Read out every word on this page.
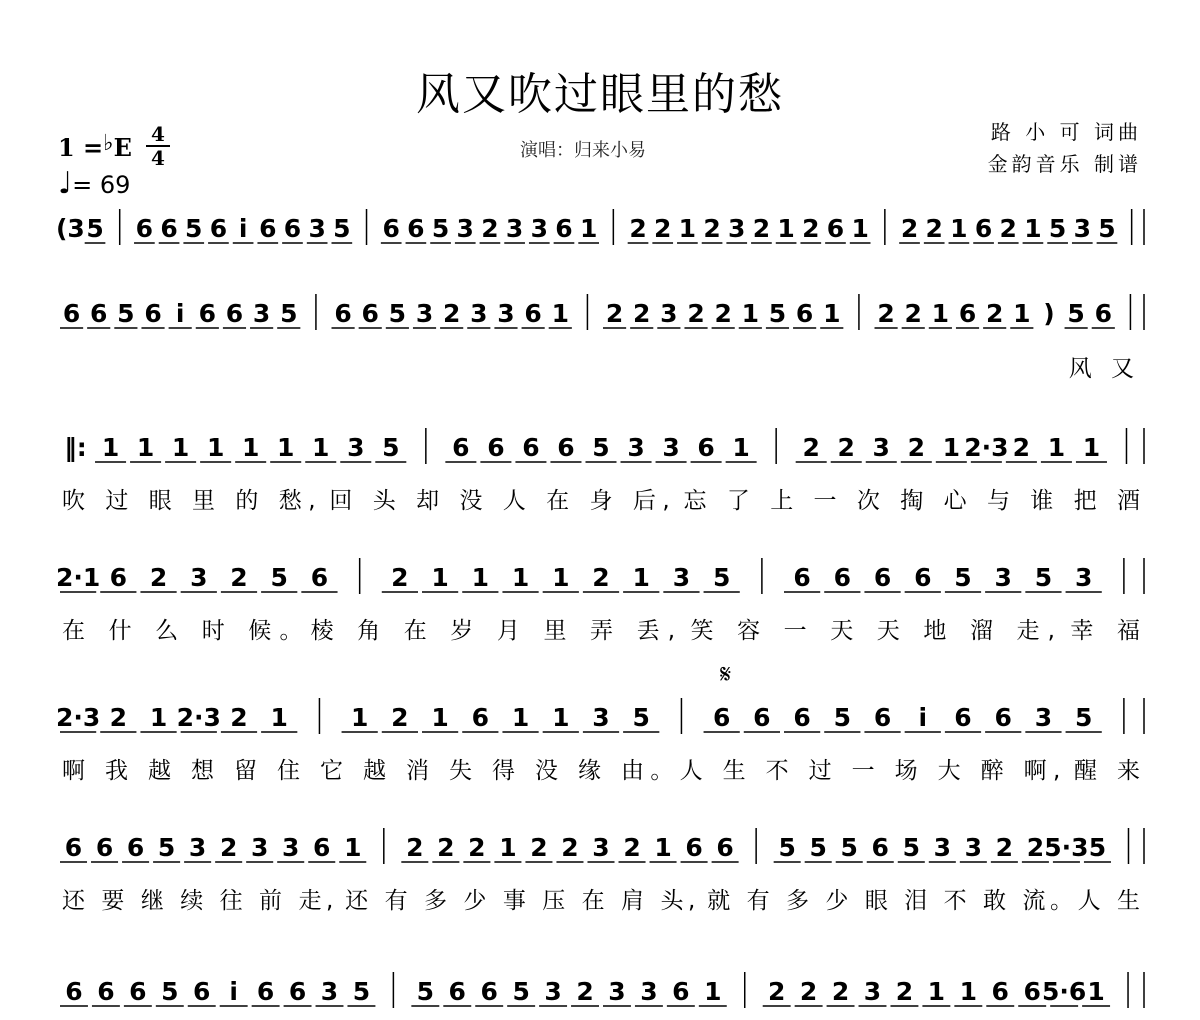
风又吹过眼里的愁
1 =♭E 4
4
♩= 69
演唱：归来小易
路 小 可 词曲
金韵音乐 制谱
(3 5 6 6 5 6 i 6 6 3 5 6 6 5 3 2 3 3 6 1 2 2 1 2 3 2 1 2 6 1 2 2 1 6 2 1 5 3 5
6 6 5 6 i 6 6 3 5 6 6 5 3 2 3 3 6 1 2 2 3 2 2 1 5 6 1 2 2 1 6 2 1 ) 5 6
风 又
‖: 1 1 1 1 1 1 1 3 5 6 6 6 6 5 3 3 6 1 2 2 3 2 1 2·3 2 1 1
吹 过 眼 里 的 愁, 回 头 却 没 人 在 身 后, 忘 了 上 一 次 掏 心 与 谁 把 酒
2·1 6 2 3 2 5 6	2 1 1 1 1 2 1 3 5	6 6 6 6 5 3 5 3
在 什 么 时 候。棱 角 在 岁 月 里 弄 丢, 笑 容 一 天 天 地 溜 走, 幸 福
2·3 2 1 2·3 2 1	1 2 1 6 1 1 3 5	6 6 6 5 6 i 6 6 3 5
𝄋
啊 我 越 想 留 住 它 越 消 失 得 没 缘 由。人 生 不 过 一 场 大 醉 啊, 醒 来
6 6 6 5 3 2 3 3 6 1 2 2 2 1 2 2 3 2 1 6 6 5 5 5 6 5 3 3 2 2 5·3 5
还 要 继 续 往 前 走, 还 有 多 少 事 压 在 肩 头, 就 有 多 少 眼 泪 不 敢 流。人 生
6 6 6 5 6 i 6 6 3 5 5 6 6 5 3 2 3 3 6 1 2 2 2 3 2 1 1 6 6 5·6 1
